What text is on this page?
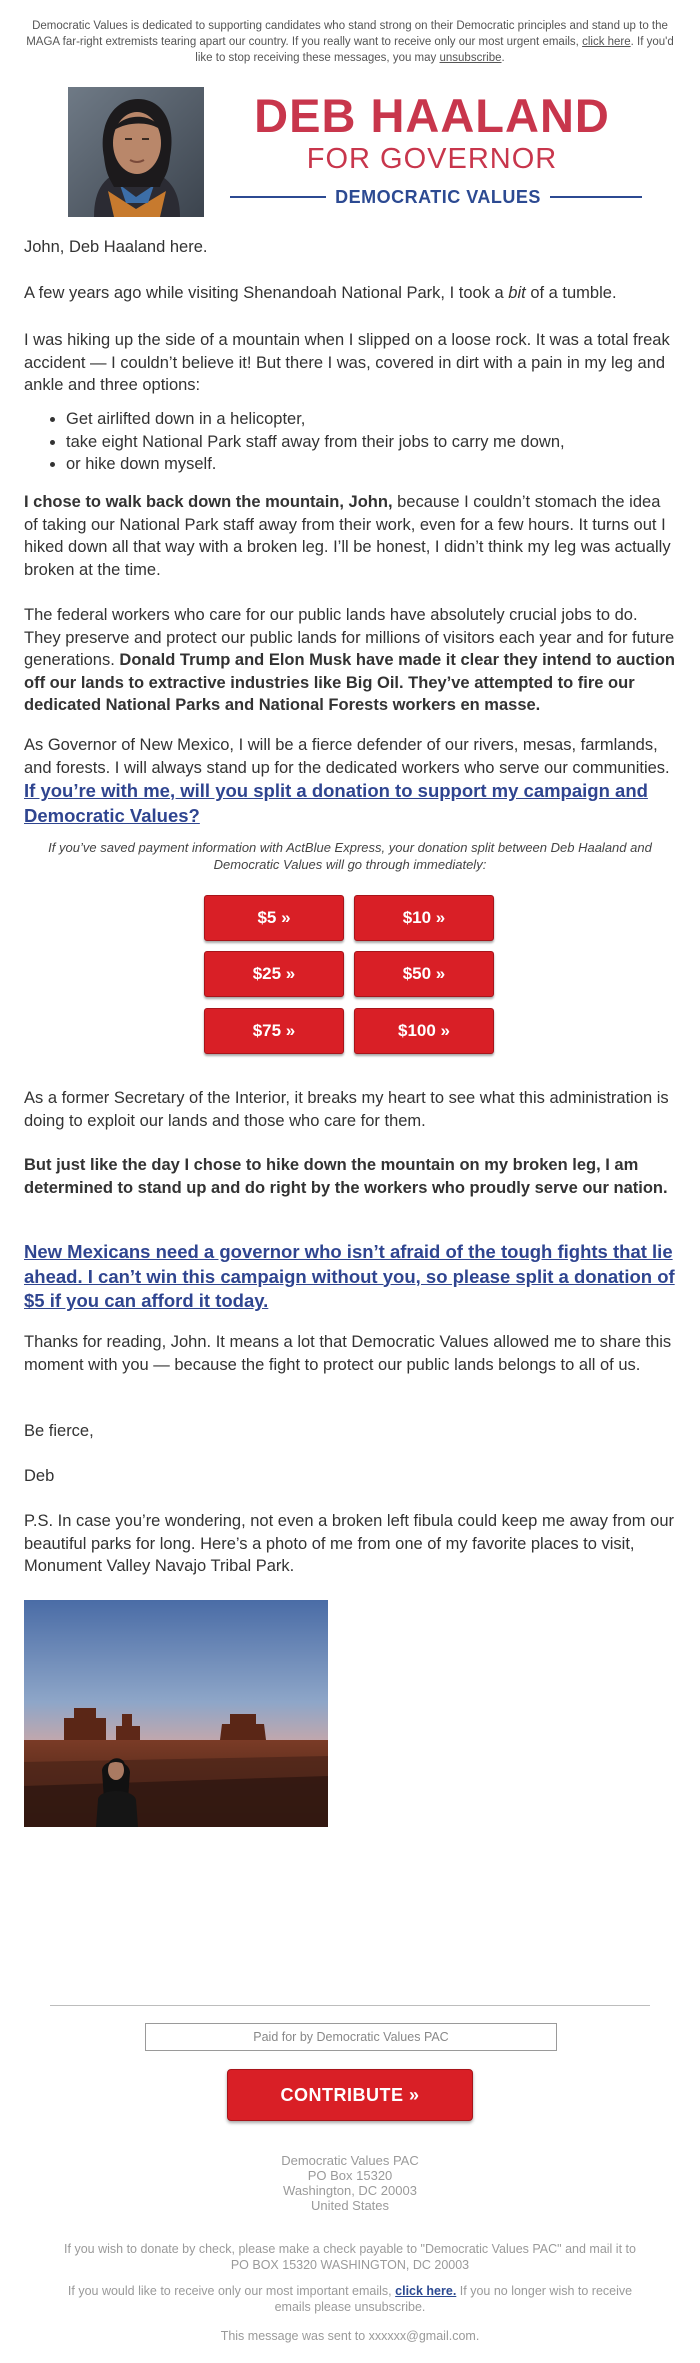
Democratic Values is dedicated to supporting candidates who stand strong on their Democratic principles and stand up to the MAGA far-right extremists tearing apart our country. If you really want to receive only our most urgent emails, click here. If you'd like to stop receiving these messages, you may unsubscribe.
DEB HAALAND
FOR GOVERNOR
DEMOCRATIC VALUES

John, Deb Haaland here.

A few years ago while visiting Shenandoah National Park, I took a bit of a tumble.

I was hiking up the side of a mountain when I slipped on a loose rock. It was a total freak accident — I couldn’t believe it! But there I was, covered in dirt with a pain in my leg and ankle and three options:

• Get airlifted down in a helicopter,
• take eight National Park staff away from their jobs to carry me down,
• or hike down myself.

I chose to walk back down the mountain, John, because I couldn’t stomach the idea of taking our National Park staff away from their work, even for a few hours. It turns out I hiked down all that way with a broken leg. I’ll be honest, I didn’t think my leg was actually broken at the time.

The federal workers who care for our public lands have absolutely crucial jobs to do. They preserve and protect our public lands for millions of visitors each year and for future generations. Donald Trump and Elon Musk have made it clear they intend to auction off our lands to extractive industries like Big Oil. They’ve attempted to fire our dedicated National Parks and National Forests workers en masse.

As Governor of New Mexico, I will be a fierce defender of our rivers, mesas, farmlands, and forests. I will always stand up for the dedicated workers who serve our communities. If you’re with me, will you split a donation to support my campaign and Democratic Values?

If you’ve saved payment information with ActBlue Express, your donation split between Deb Haaland and Democratic Values will go through immediately:
$5 »	$10 »
$25 »	$50 »
$75 »	$100 »

As a former Secretary of the Interior, it breaks my heart to see what this administration is doing to exploit our lands and those who care for them.

But just like the day I chose to hike down the mountain on my broken leg, I am determined to stand up and do right by the workers who proudly serve our nation.

New Mexicans need a governor who isn’t afraid of the tough fights that lie ahead. I can’t win this campaign without you, so please split a donation of $5 if you can afford it today.

Thanks for reading, John. It means a lot that Democratic Values allowed me to share this moment with you — because the fight to protect our public lands belongs to all of us.

Be fierce,

Deb

P.S. In case you’re wondering, not even a broken left fibula could keep me away from our beautiful parks for long. Here’s a photo of me from one of my favorite places to visit, Monument Valley Navajo Tribal Park.

Paid for by Democratic Values PAC
CONTRIBUTE »
Democratic Values PAC
PO Box 15320
Washington, DC 20003
United States
If you wish to donate by check, please make a check payable to "Democratic Values PAC" and mail it to PO BOX 15320 WASHINGTON, DC 20003
If you would like to receive only our most important emails, click here. If you no longer wish to receive emails please unsubscribe.
This message was sent to xxxxxx@gmail.com.
